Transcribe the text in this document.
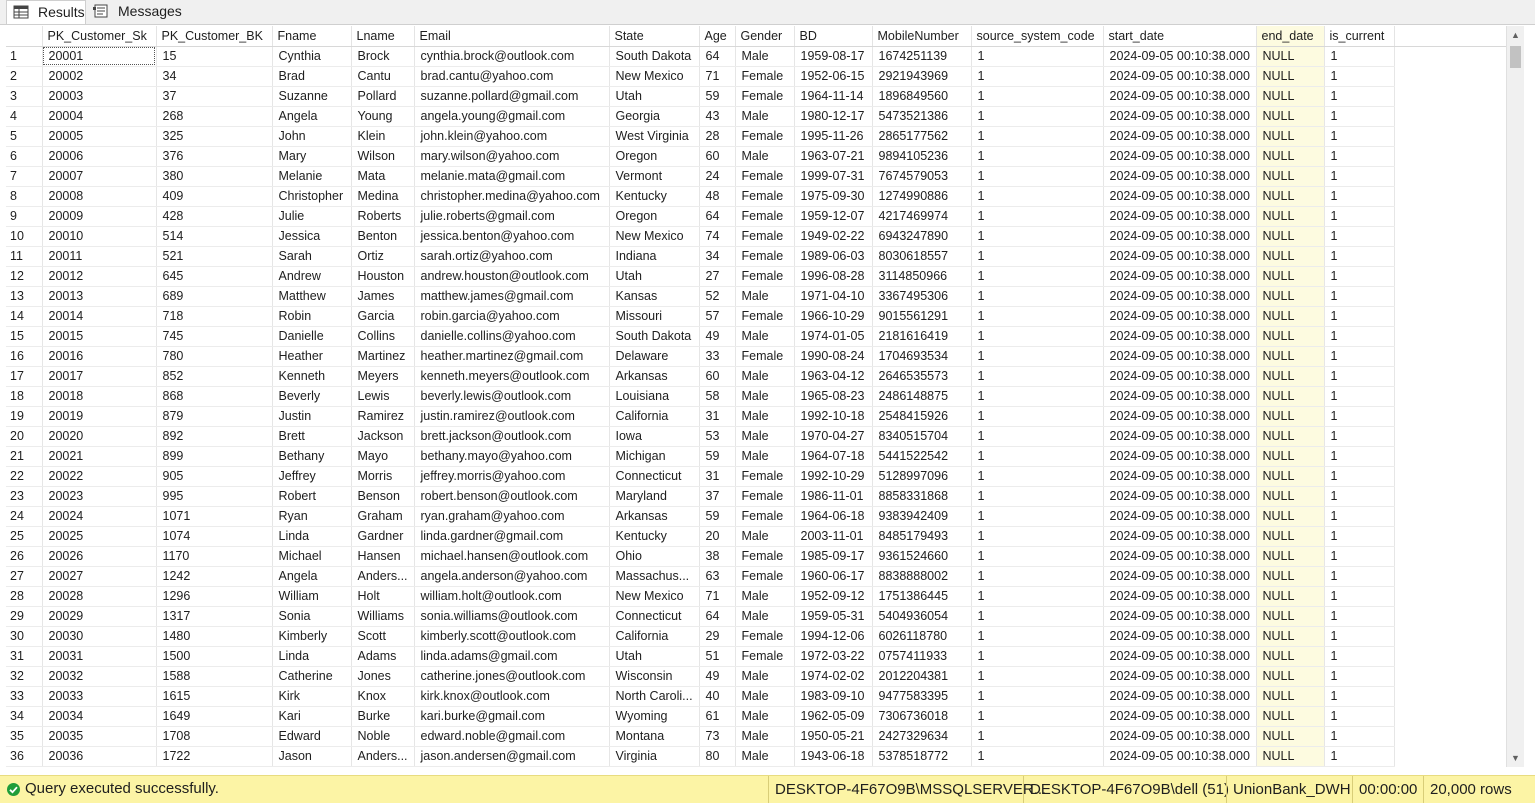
Results	Messages
	PK_Customer_Sk	PK_Customer_BK	Fname	Lname	Email	State	Age	Gender	BD	MobileNumber	source_system_code	start_date	end_date	is_current	
1	20001	15	Cynthia	Brock	cynthia.brock@outlook.com	South Dakota	64	Male	1959-08-17	1674251139	1	2024-09-05 00:10:38.000	NULL	1	
2	20002	34	Brad	Cantu	brad.cantu@yahoo.com	New Mexico	71	Female	1952-06-15	2921943969	1	2024-09-05 00:10:38.000	NULL	1	
3	20003	37	Suzanne	Pollard	suzanne.pollard@gmail.com	Utah	59	Female	1964-11-14	1896849560	1	2024-09-05 00:10:38.000	NULL	1	
4	20004	268	Angela	Young	angela.young@gmail.com	Georgia	43	Male	1980-12-17	5473521386	1	2024-09-05 00:10:38.000	NULL	1	
5	20005	325	John	Klein	john.klein@yahoo.com	West Virginia	28	Female	1995-11-26	2865177562	1	2024-09-05 00:10:38.000	NULL	1	
6	20006	376	Mary	Wilson	mary.wilson@yahoo.com	Oregon	60	Male	1963-07-21	9894105236	1	2024-09-05 00:10:38.000	NULL	1	
7	20007	380	Melanie	Mata	melanie.mata@gmail.com	Vermont	24	Female	1999-07-31	7674579053	1	2024-09-05 00:10:38.000	NULL	1	
8	20008	409	Christopher	Medina	christopher.medina@yahoo.com	Kentucky	48	Female	1975-09-30	1274990886	1	2024-09-05 00:10:38.000	NULL	1	
9	20009	428	Julie	Roberts	julie.roberts@gmail.com	Oregon	64	Female	1959-12-07	4217469974	1	2024-09-05 00:10:38.000	NULL	1	
10	20010	514	Jessica	Benton	jessica.benton@yahoo.com	New Mexico	74	Female	1949-02-22	6943247890	1	2024-09-05 00:10:38.000	NULL	1	
11	20011	521	Sarah	Ortiz	sarah.ortiz@yahoo.com	Indiana	34	Female	1989-06-03	8030618557	1	2024-09-05 00:10:38.000	NULL	1	
12	20012	645	Andrew	Houston	andrew.houston@outlook.com	Utah	27	Female	1996-08-28	3114850966	1	2024-09-05 00:10:38.000	NULL	1	
13	20013	689	Matthew	James	matthew.james@gmail.com	Kansas	52	Male	1971-04-10	3367495306	1	2024-09-05 00:10:38.000	NULL	1	
14	20014	718	Robin	Garcia	robin.garcia@yahoo.com	Missouri	57	Female	1966-10-29	9015561291	1	2024-09-05 00:10:38.000	NULL	1	
15	20015	745	Danielle	Collins	danielle.collins@yahoo.com	South Dakota	49	Male	1974-01-05	2181616419	1	2024-09-05 00:10:38.000	NULL	1	
16	20016	780	Heather	Martinez	heather.martinez@gmail.com	Delaware	33	Female	1990-08-24	1704693534	1	2024-09-05 00:10:38.000	NULL	1	
17	20017	852	Kenneth	Meyers	kenneth.meyers@outlook.com	Arkansas	60	Male	1963-04-12	2646535573	1	2024-09-05 00:10:38.000	NULL	1	
18	20018	868	Beverly	Lewis	beverly.lewis@outlook.com	Louisiana	58	Male	1965-08-23	2486148875	1	2024-09-05 00:10:38.000	NULL	1	
19	20019	879	Justin	Ramirez	justin.ramirez@outlook.com	California	31	Male	1992-10-18	2548415926	1	2024-09-05 00:10:38.000	NULL	1	
20	20020	892	Brett	Jackson	brett.jackson@outlook.com	Iowa	53	Male	1970-04-27	8340515704	1	2024-09-05 00:10:38.000	NULL	1	
21	20021	899	Bethany	Mayo	bethany.mayo@yahoo.com	Michigan	59	Male	1964-07-18	5441522542	1	2024-09-05 00:10:38.000	NULL	1	
22	20022	905	Jeffrey	Morris	jeffrey.morris@yahoo.com	Connecticut	31	Female	1992-10-29	5128997096	1	2024-09-05 00:10:38.000	NULL	1	
23	20023	995	Robert	Benson	robert.benson@outlook.com	Maryland	37	Female	1986-11-01	8858331868	1	2024-09-05 00:10:38.000	NULL	1	
24	20024	1071	Ryan	Graham	ryan.graham@yahoo.com	Arkansas	59	Female	1964-06-18	9383942409	1	2024-09-05 00:10:38.000	NULL	1	
25	20025	1074	Linda	Gardner	linda.gardner@gmail.com	Kentucky	20	Male	2003-11-01	8485179493	1	2024-09-05 00:10:38.000	NULL	1	
26	20026	1170	Michael	Hansen	michael.hansen@outlook.com	Ohio	38	Female	1985-09-17	9361524660	1	2024-09-05 00:10:38.000	NULL	1	
27	20027	1242	Angela	Anders...	angela.anderson@yahoo.com	Massachus...	63	Female	1960-06-17	8838888002	1	2024-09-05 00:10:38.000	NULL	1	
28	20028	1296	William	Holt	william.holt@outlook.com	New Mexico	71	Male	1952-09-12	1751386445	1	2024-09-05 00:10:38.000	NULL	1	
29	20029	1317	Sonia	Williams	sonia.williams@outlook.com	Connecticut	64	Male	1959-05-31	5404936054	1	2024-09-05 00:10:38.000	NULL	1	
30	20030	1480	Kimberly	Scott	kimberly.scott@outlook.com	California	29	Female	1994-12-06	6026118780	1	2024-09-05 00:10:38.000	NULL	1	
31	20031	1500	Linda	Adams	linda.adams@gmail.com	Utah	51	Female	1972-03-22	0757411933	1	2024-09-05 00:10:38.000	NULL	1	
32	20032	1588	Catherine	Jones	catherine.jones@outlook.com	Wisconsin	49	Male	1974-02-02	2012204381	1	2024-09-05 00:10:38.000	NULL	1	
33	20033	1615	Kirk	Knox	kirk.knox@outlook.com	North Caroli...	40	Male	1983-09-10	9477583395	1	2024-09-05 00:10:38.000	NULL	1	
34	20034	1649	Kari	Burke	kari.burke@gmail.com	Wyoming	61	Male	1962-05-09	7306736018	1	2024-09-05 00:10:38.000	NULL	1	
35	20035	1708	Edward	Noble	edward.noble@gmail.com	Montana	73	Male	1950-05-21	2427329634	1	2024-09-05 00:10:38.000	NULL	1	
36	20036	1722	Jason	Anders...	jason.andersen@gmail.com	Virginia	80	Male	1943-06-18	5378518772	1	2024-09-05 00:10:38.000	NULL	1	
▲
▼
Query executed successfully.	DESKTOP-4F67O9B\MSSQLSERVER...
DESKTOP-4F67O9B\dell (51) UnionBank_DWH 00:00:00 20,000 rows
